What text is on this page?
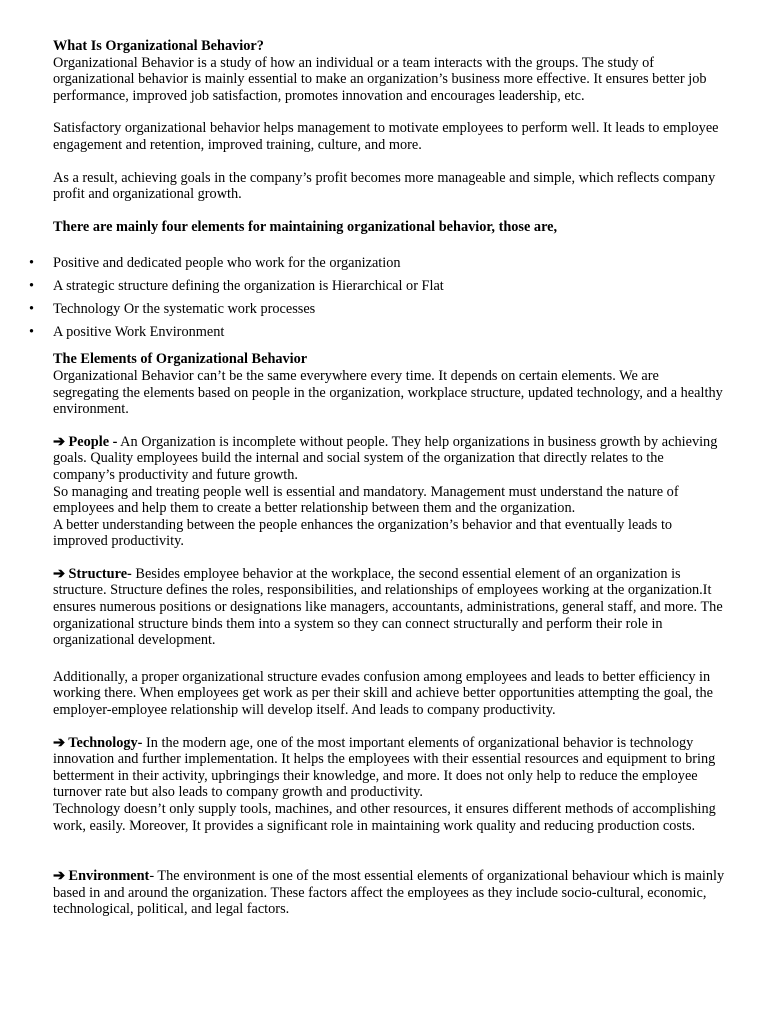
What Is Organizational Behavior?

Organizational Behavior is a study of how an individual or a team interacts with the groups. The study of organizational behavior is mainly essential to make an organization’s business more effective. It ensures better job performance, improved job satisfaction, promotes innovation and encourages leadership, etc.

Satisfactory organizational behavior helps management to motivate employees to perform well. It leads to employee engagement and retention, improved training, culture, and more.

As a result, achieving goals in the company’s profit becomes more manageable and simple, which reflects company profit and organizational growth.

There are mainly four elements for maintaining organizational behavior, those are,

• Positive and dedicated people who work for the organization
• A strategic structure defining the organization is Hierarchical or Flat
• Technology Or the systematic work processes
• A positive Work Environment

The Elements of Organizational Behavior

Organizational Behavior can’t be the same everywhere every time. It depends on certain elements. We are segregating the elements based on people in the organization, workplace structure, updated technology, and a healthy environment.

➔ People - An Organization is incomplete without people. They help organizations in business growth by achieving goals. Quality employees build the internal and social system of the organization that directly relates to the company’s productivity and future growth.

So managing and treating people well is essential and mandatory. Management must understand the nature of employees and help them to create a better relationship between them and the organization.

A better understanding between the people enhances the organization’s behavior and that eventually leads to improved productivity.

➔ Structure- Besides employee behavior at the workplace, the second essential element of an organization is structure. Structure defines the roles, responsibilities, and relationships of employees working at the organization.It ensures numerous positions or designations like managers, accountants, administrations, general staff, and more. The organizational structure binds them into a system so they can connect structurally and perform their role in organizational development.

Additionally, a proper organizational structure evades confusion among employees and leads to better efficiency in working there. When employees get work as per their skill and achieve better opportunities attempting the goal, the employer-employee relationship will develop itself. And leads to company productivity.

➔ Technology- In the modern age, one of the most important elements of organizational behavior is technology innovation and further implementation. It helps the employees with their essential resources and equipment to bring betterment in their activity, upbringings their knowledge, and more. It does not only help to reduce the employee turnover rate but also leads to company growth and productivity.

Technology doesn’t only supply tools, machines, and other resources, it ensures different methods of accomplishing work, easily. Moreover, It provides a significant role in maintaining work quality and reducing production costs.

➔ Environment- The environment is one of the most essential elements of organizational behaviour which is mainly based in and around the organization. These factors affect the employees as they include socio-cultural, economic, technological, political, and legal factors.
